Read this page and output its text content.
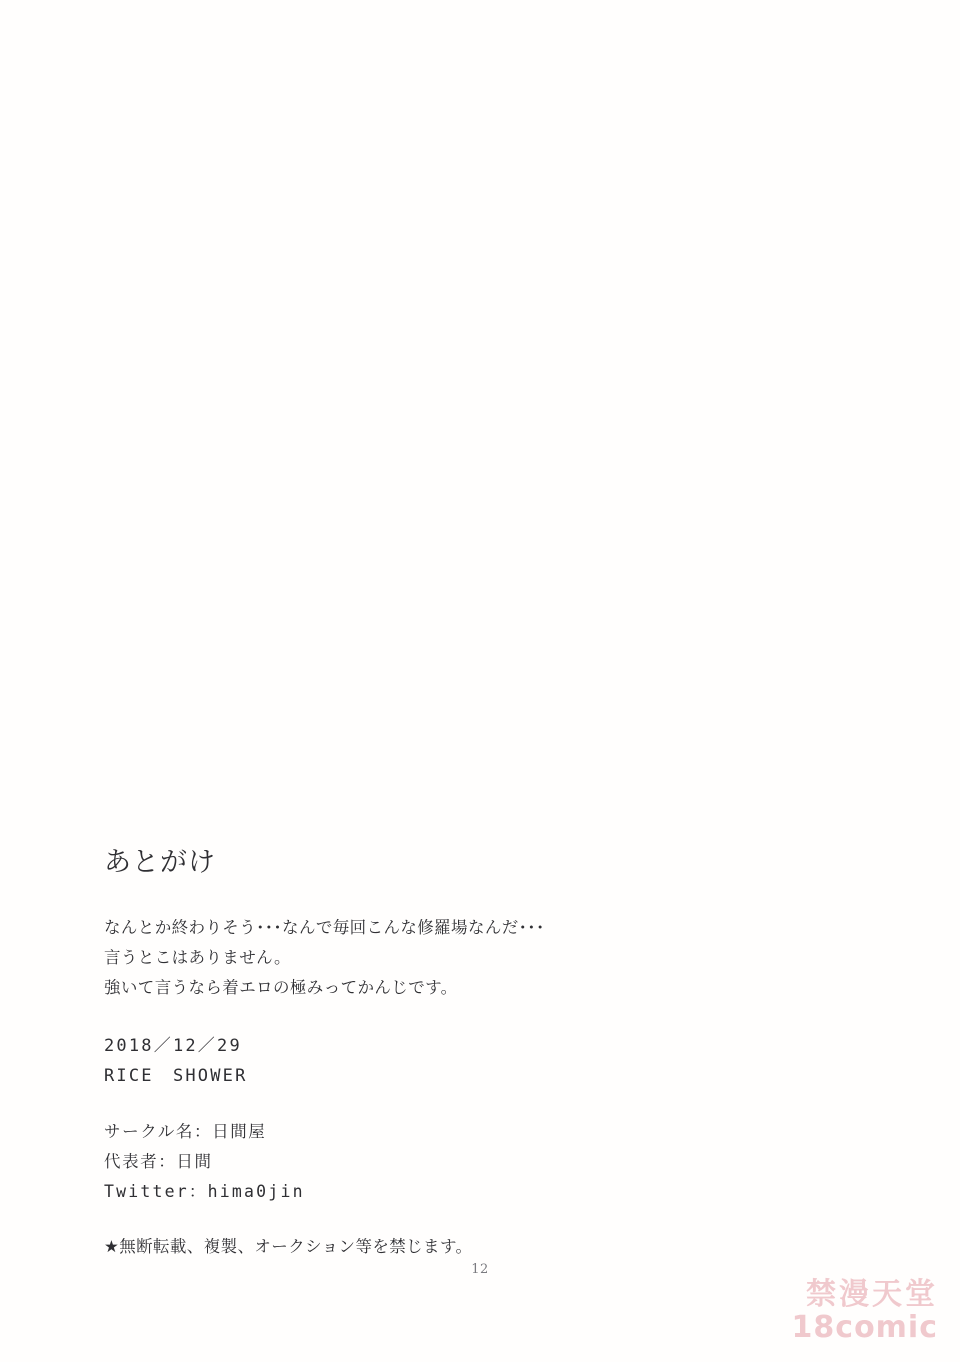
あとがけ
なんとか終わりそう･･･なんで毎回こんな修羅場なんだ･･･
言うとこはありません。
強いて言うなら着エロの極みってかんじです。
2018／12／29
RICE　SHOWER
サークル名：日間屋
代表者：日間
Twitter：hima0jin
★無断転載、複製、オークション等を禁じます。
12
禁漫天堂
18comic
